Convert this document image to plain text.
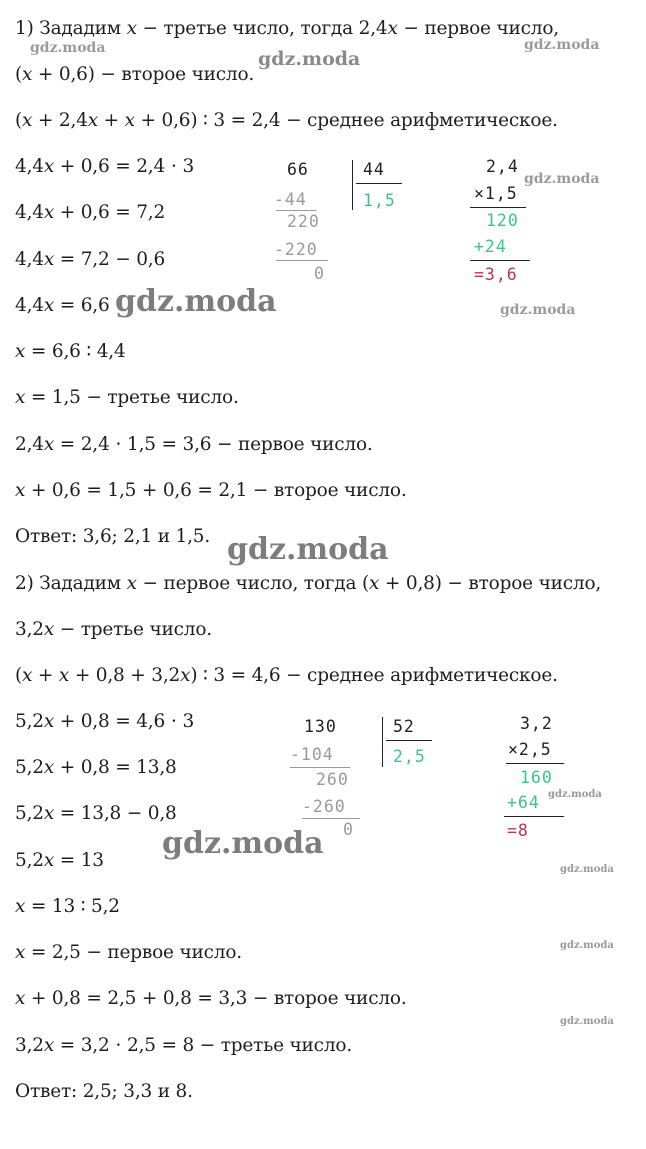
1) Зададим 𝑥 − третье число, тогда 2,4𝑥 − первое число,
(𝑥 + 0,6) − второе число.
(𝑥 + 2,4𝑥 + 𝑥 + 0,6) ∶ 3 = 2,4 − среднее арифметическое.
4,4𝑥 + 0,6 = 2,4 ⋅ 3
4,4𝑥 + 0,6 = 7,2
4,4𝑥 = 7,2 − 0,6
4,4𝑥 = 6,6
𝑥 = 6,6 ∶ 4,4
𝑥 = 1,5 − третье число.
2,4𝑥 = 2,4 ⋅ 1,5 = 3,6 − первое число.
𝑥 + 0,6 = 1,5 + 0,6 = 2,1 − второе число.
Ответ: 3,6; 2,1 и 1,5.
66
-44
220
-220
0
44
1,5
2,4
×1,5
120
+24
=3,6
2) Зададим 𝑥 − первое число, тогда (𝑥 + 0,8) − второе число,
3,2𝑥 − третье число.
(𝑥 + 𝑥 + 0,8 + 3,2𝑥) ∶ 3 = 4,6 − среднее арифметическое.
5,2𝑥 + 0,8 = 4,6 ⋅ 3
5,2𝑥 + 0,8 = 13,8
5,2𝑥 = 13,8 − 0,8
5,2𝑥 = 13
𝑥 = 13 ∶ 5,2
𝑥 = 2,5 − первое число.
𝑥 + 0,8 = 2,5 + 0,8 = 3,3 − второе число.
3,2𝑥 = 3,2 ⋅ 2,5 = 8 − третье число.
Ответ: 2,5; 3,3 и 8.
130
-104
260
-260
0
52
2,5
3,2
×2,5
160
+64
=8
gdz.moda	gdz.moda
gdz.moda
gdz.moda
gdz.moda	gdz.moda
gdz.moda
gdz.moda
gdz.moda
gdz.moda
gdz.moda
gdz.moda
